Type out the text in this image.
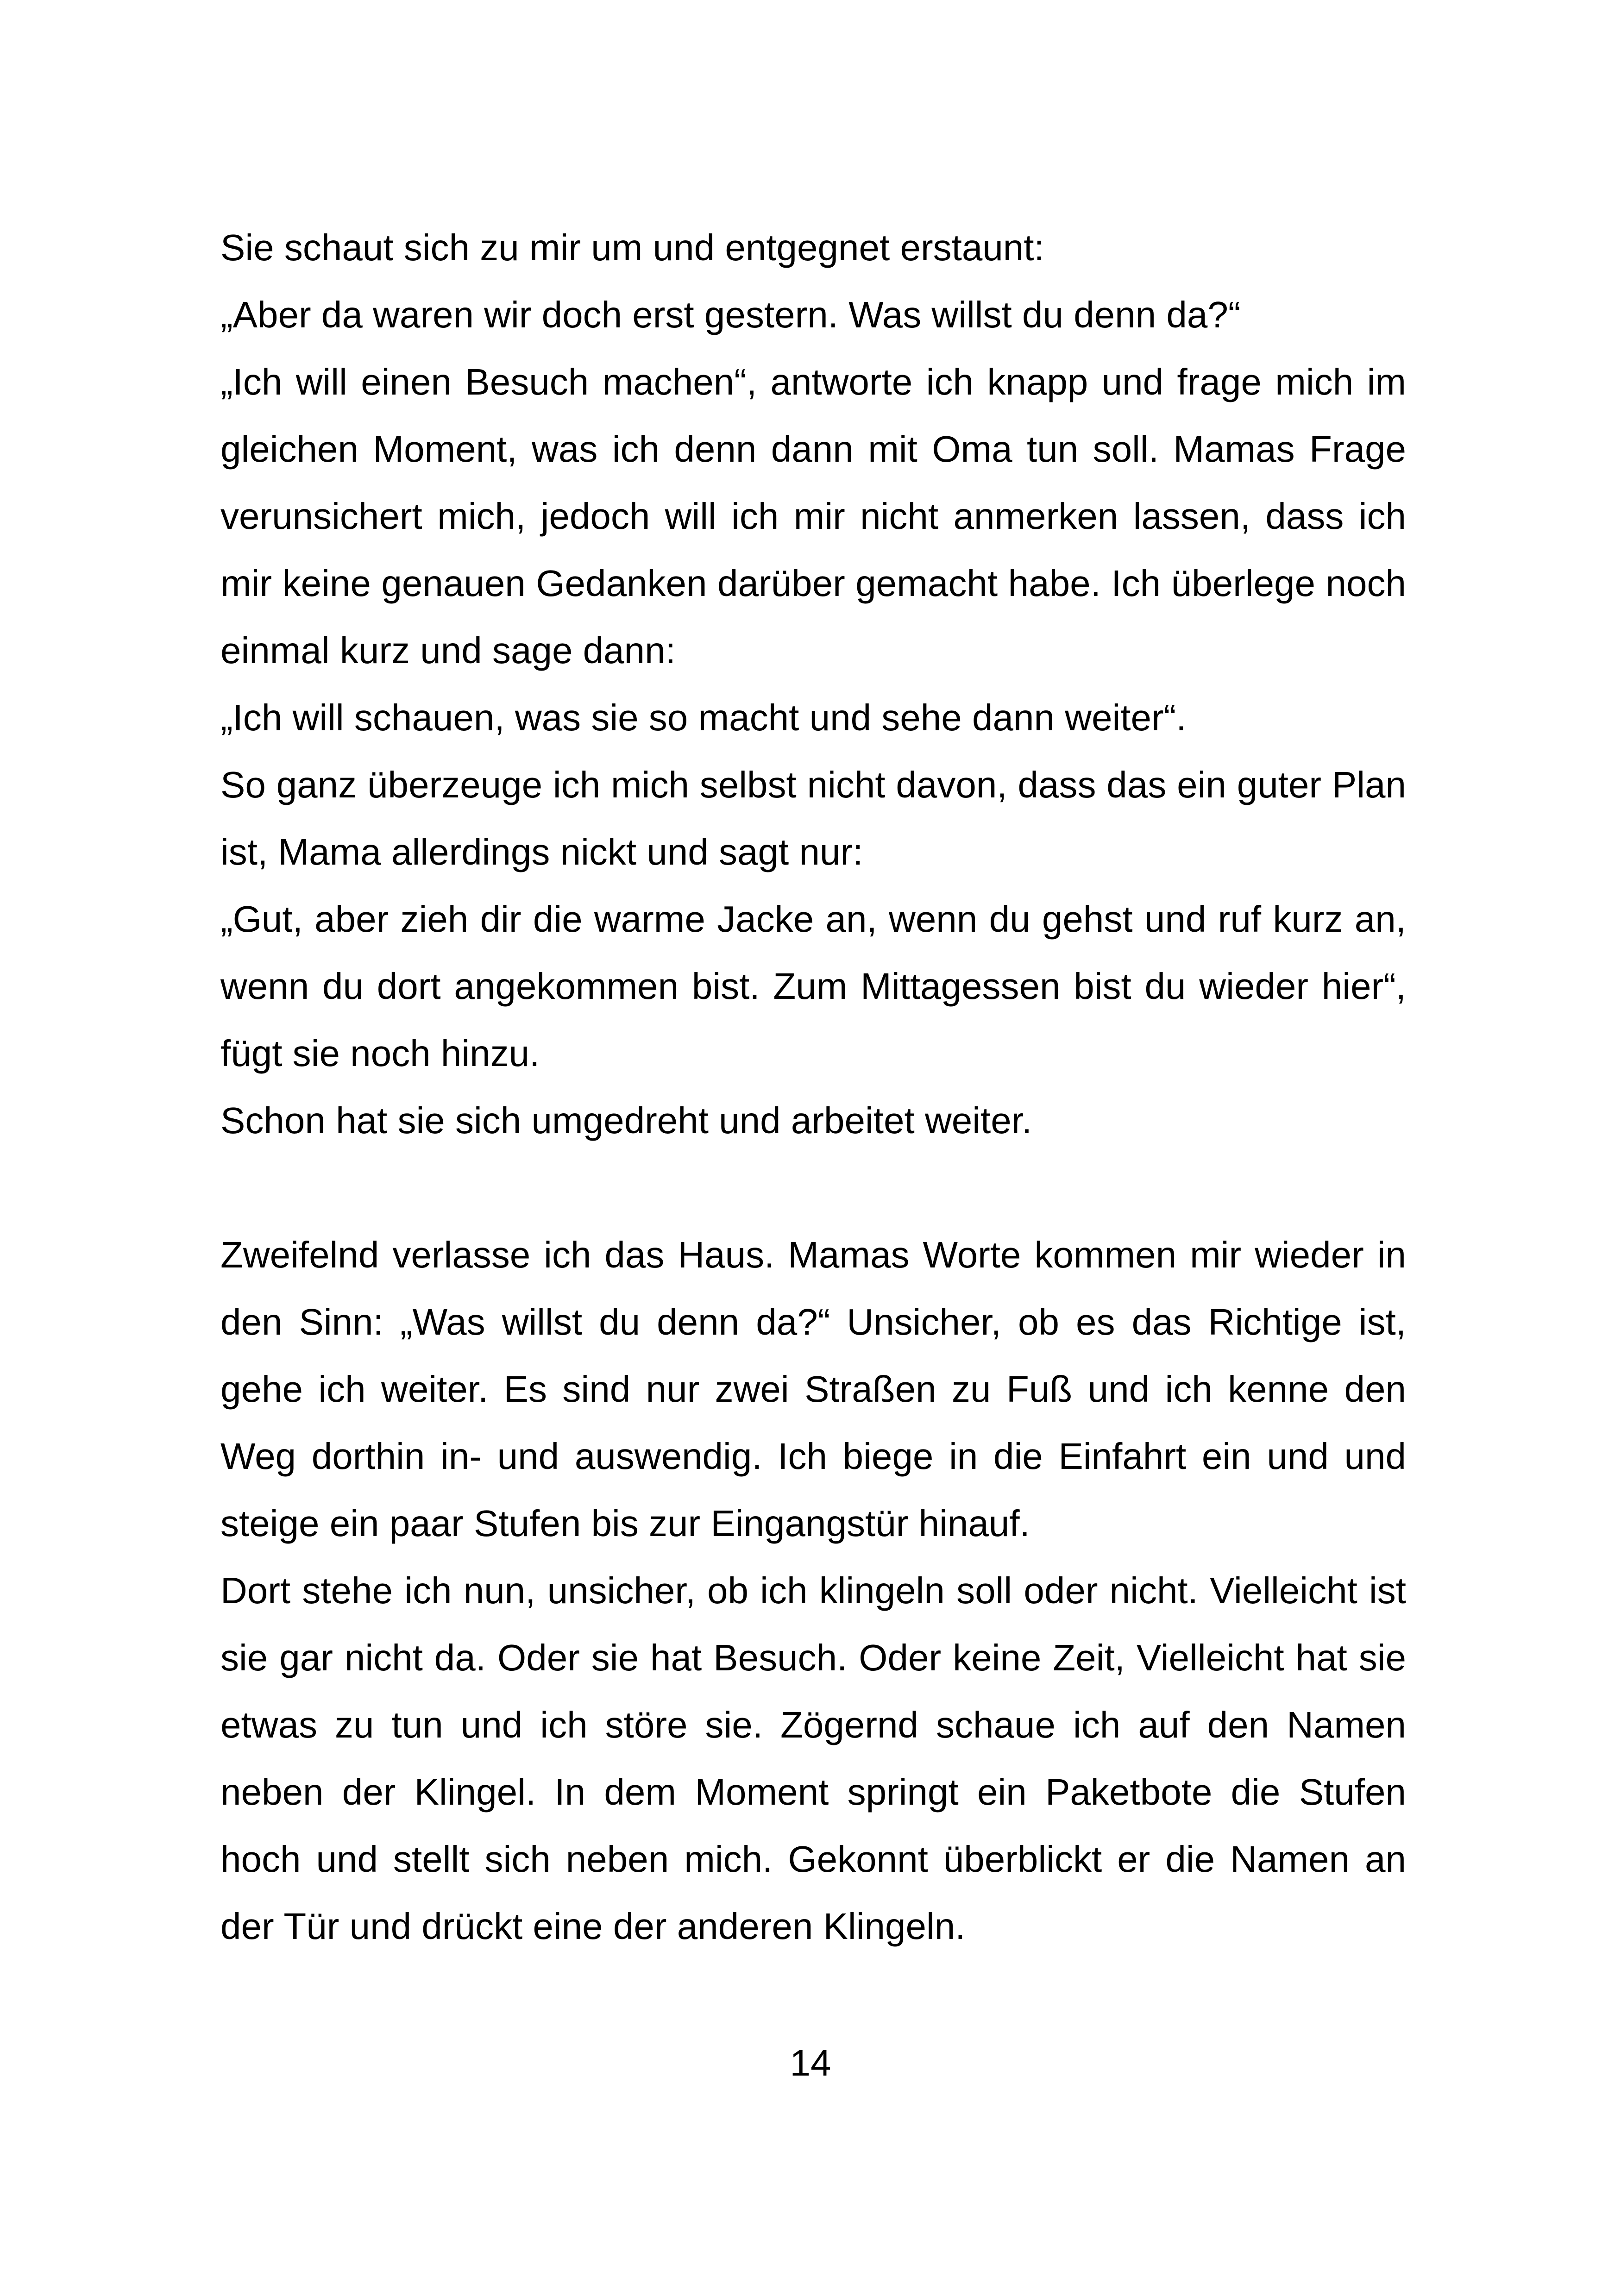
Sie schaut sich zu mir um und entgegnet erstaunt:

„Aber da waren wir doch erst gestern. Was willst du denn da?“

„Ich will einen Besuch machen“, antworte ich knapp und frage mich im gleichen Moment, was ich denn dann mit Oma tun soll. Mamas Frage verunsichert mich, jedoch will ich mir nicht anmerken lassen, dass ich mir keine genauen Gedanken darüber gemacht habe. Ich überlege noch einmal kurz und sage dann:

„Ich will schauen, was sie so macht und sehe dann weiter“.

So ganz überzeuge ich mich selbst nicht davon, dass das ein guter Plan ist, Mama allerdings nickt und sagt nur:

„Gut, aber zieh dir die warme Jacke an, wenn du gehst und ruf kurz an, wenn du dort angekommen bist. Zum Mittagessen bist du wieder hier“, fügt sie noch hinzu.

Schon hat sie sich umgedreht und arbeitet weiter.

Zweifelnd verlasse ich das Haus. Mamas Worte kommen mir wieder in den Sinn: „Was willst du denn da?“ Unsicher, ob es das Richtige ist, gehe ich weiter. Es sind nur zwei Straßen zu Fuß und ich kenne den Weg dorthin in- und auswendig. Ich biege in die Einfahrt ein und und steige ein paar Stufen bis zur Eingangstür hinauf.

Dort stehe ich nun, unsicher, ob ich klingeln soll oder nicht. Vielleicht ist sie gar nicht da. Oder sie hat Besuch. Oder keine Zeit, Vielleicht hat sie etwas zu tun und ich störe sie. Zögernd schaue ich auf den Namen neben der Klingel. In dem Moment springt ein Paketbote die Stufen hoch und stellt sich neben mich. Gekonnt überblickt er die Namen an der Tür und drückt eine der anderen Klingeln.

14
